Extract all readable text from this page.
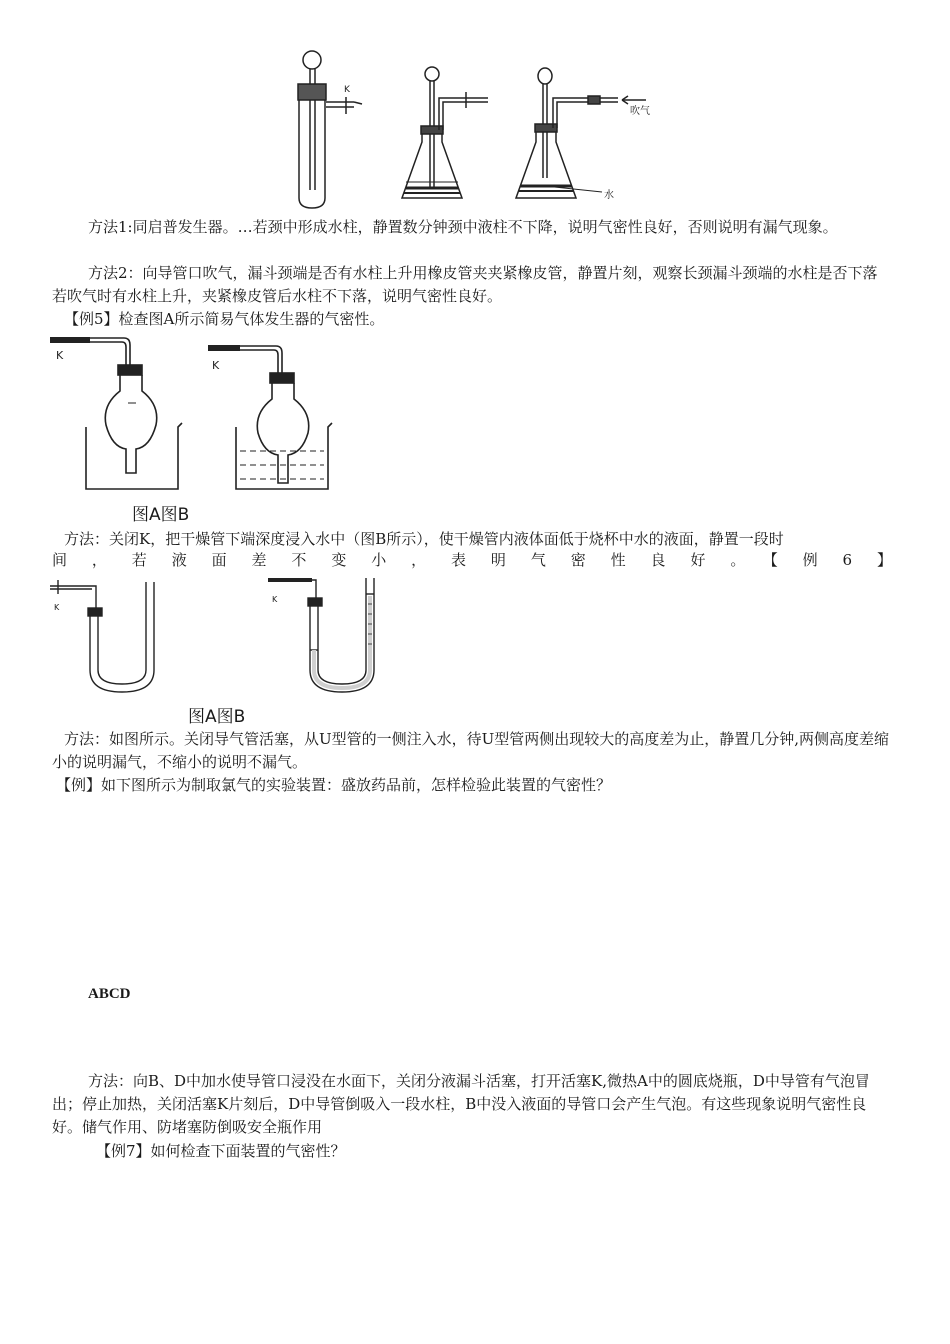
K
吹气
水
方法1:同启普发生器。…若颈中形成水柱，静置数分钟颈中液柱不下降，说明气密性良好，否则说明有漏气现象。
方法2：向导管口吹气，漏斗颈端是否有水柱上升用橡皮管夹夹紧橡皮管，静置片刻，观察长颈漏斗颈端的水柱是否下落若吹气时有水柱上升，夹紧橡皮管后水柱不下落，说明气密性良好。
【例5】检查图A所示简易气体发生器的气密性。
K
K
图A图B
方法：关闭K，把干燥管下端深度浸入水中（图B所示），使干燥管内液体面低于烧杯中水的液面，静置一段时
间，若液面差不变小，表明气密性良好。【例6】
K
K
图A图B
方法：如图所示。关闭导气管活塞，从U型管的一侧注入水，待U型管两侧出现较大的高度差为止，静置几分钟,两侧高度差缩小的说明漏气，不缩小的说明不漏气。
【例】如下图所示为制取氯气的实验装置：盛放药品前，怎样检验此装置的气密性？
ABCD
方法：向B、D中加水使导管口浸没在水面下，关闭分液漏斗活塞，打开活塞K,微热A中的圆底烧瓶，D中导管有气泡冒出；停止加热，关闭活塞K片刻后，D中导管倒吸入一段水柱，B中没入液面的导管口会产生气泡。有这些现象说明气密性良好。储气作用、防堵塞防倒吸安全瓶作用
【例7】如何检查下面装置的气密性？
